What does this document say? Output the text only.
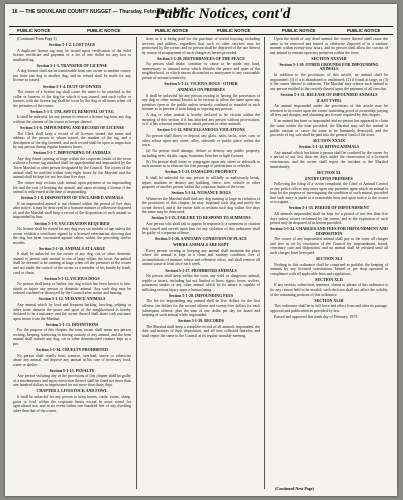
16 — THE SIOUXLAND COUNTY NUGGET — Thursday, February 20, 1975
Public Notices, cont'd
PUBLIC NOTICE	PUBLIC NOTICE	PUBLIC NOTICE	PUBLIC NOTICE	PUBLIC NOTICE	PUBLIC NOTICE

(Continued From Page 5)

Section 5-1-2. LOST TAGS

A duplicate license tag may be issued upon verification of the valid license certificate and payment of a fee of one dollar for any lost or mutilated tag.

Section 5-1-3. TRANSFER OF LICENSE

A dog license shall not be transferable from one owner to another owner, nor from one dog to another dog, and no refund shall be made for any license so issued.

Section 5-1-4. DUTY OF OWNER

The owner of a license tag shall cause the same to be attached to the collar or harness of the dog for which it was issued, and such collar or harness with the license tag shall be worn by the dog at all times when off the premises of the owner.

Section 5-1-5. UNLAWFUL REMOVAL OF TAG

It shall be unlawful for any person to remove a license tag from any dog without the consent of the owner or keeper thereof.

Section 5-1-6. IMPOUNDING AND RECORD OF LICENSE

The Clerk shall keep a record of all licenses issued, the name and address of the person to whom issued, the number of the tag, and a description of the dog licensed, and such record shall be open to inspection by any person during regular business hours.

Section 5-1-7. IMPOUNDING OF ANIMALS

Any dog found running at large within the corporate limits of the town without a license tag attached shall be apprehended and impounded by the Town Marshal or other person designated by the Council. The owner of the animal shall be notified within forty-eight hours by the Marshal and the animal shall be kept for not less than five days.

The owner may reclaim such animal upon payment of an impounding fee and the cost of keeping the animal, and upon securing a license if the animal is unlicensed at the time of impounding.

Section 5-1-8. DISPOSITION OF UNCLAIMED ANIMALS

If an impounded animal is not claimed within the period of five days after notice, it may be destroyed in a humane manner or otherwise disposed of, and the Marshal shall keep a record of the disposition of each animal so impounded by him.

Section 5-1-9. VACCINATION REQUIRED

No license shall be issued for any dog over six months of age unless the owner exhibits a certificate signed by a licensed veterinarian showing that the dog has been vaccinated against rabies within the preceding twelve months.

Section 5-1-10. ANIMALS AT LARGE

It shall be unlawful for the owner of any dog, cat, or other domestic animal to permit such animal to run at large within the town. An animal shall be deemed to be running at large when off the premises of the owner and not under the control of the owner or a member of his family by leash, cord or chain.

Section 5-1-11. VICIOUS DOGS

No person shall keep or harbor any dog which has been known to bite, attack or injure any person or domestic animal. Any such dog may be ordered confined or destroyed by the Council after notice and hearing.

Section 5-1-12. NUISANCE ANIMALS

Any animal which by loud and frequent barking, howling, yelping or other noise disturbs the peace and quiet of the neighborhood is hereby declared to be a nuisance, and the owner thereof shall abate such nuisance upon notice from the Marshal.

Section 5-1-13. DEFINITIONS

For the purpose of this chapter, the term owner shall mean any person owning, keeping, harboring or having custody of any animal, and the term animal shall include any dog, cat or other domesticated creature kept as a pet.

Section 5-1-14. CRUELTY PROHIBITED

No person shall cruelly beat, torment, overload, starve or otherwise abuse any animal, nor deprive any animal in his care of necessary food, water or shelter.

Section 5-1-15. PENALTY

Any person violating any of the provisions of this chapter shall be guilty of a misdemeanor and upon conviction thereof shall be fined not more than one hundred dollars or imprisoned for not more than thirty days.

CHAPTER 2. LIVESTOCK AND FOWL

It shall be unlawful for any person to keep horses, cattle, swine, sheep, goats or fowl within the corporate limits except in areas zoned for agricultural use, and in no event within one hundred feet of any dwelling other than that of the owner.

tions as it is being paid for the purchase of useful housing, including services and utilities, regardless that such or other services may be performed by the owner, and no person shall be deprived of the use thereof by reason of nonpayment of such charges as herein provided.

Section 5-1-20. DISTURBANCES OF THE PEACE

No person shall make, continue or cause to be made any loud, unnecessary or unusual noise which disturbs the peace and quiet of the neighborhood, or which causes discomfort or annoyance to any reasonable person of normal sensitivity.

Section 5-1-21. VICIOUS DOGS - OTHER
ANIMALS ON PREMISES

It shall be unlawful for any person owning or having the possession of any dog or other animal known to be vicious to allow the same upon any premises open to the public unless securely confined or muzzled in such manner as to prevent it from biting or injuring any person.

A dog or other animal is hereby declared to be vicious within the meaning of this section if it has attacked any person without provocation, or if it has a known tendency to attack persons or other animals.

Section 5-1-22. MISCELLANEOUS VIOLATIONS

No person shall throw or deposit any glass, nails, tacks, wire, cans or other refuse upon any street, alley, sidewalk or public place within the town.

(a) No person shall damage, deface or destroy any public property, including trees, shrubs, signs, fountains, benches or light fixtures.

(b) No person shall loiter or congregate upon any street or sidewalk in such manner as to obstruct the free passage of pedestrians or vehicles.

Section 5-1-23. DAMAGING PROPERTY

It shall be unlawful for any person to willfully or maliciously break, injure, mutilate or destroy any building, fence, tree, vehicle or other property of another person within the corporate limits of the town.

Section 5-1-24. NUISANCE DOGS

Whenever the Marshal shall find any dog running at large in violation of the provisions of this chapter, he may impound such dog and notify the owner thereof, and if the owner fails to reclaim such dog within five days the same may be destroyed.

Section 5-1-25. FAILURE TO RESPOND TO SUMMONS

Any person who shall fail to appear in response to a summons or citation duly issued and served upon him for any violation of this ordinance shall be guilty of a separate offense.

Section 5-1-26. SANITARY CONDITION OF PLACE
WHERE ANIMALS ARE KEPT

Every person owning or keeping any animal shall maintain the place where the animal is kept in a clean and sanitary condition, free of accumulations of manure, refuse and offensive odors, and shall remove all animal waste at least once each week.

Section 5-1-27. PROHIBITED ANIMALS

No person shall keep within the town any wild or dangerous animal, reptile or insect, including but not limited to lions, tigers, bears, wolves, poisonous snakes or any other animal which by its nature is capable of inflicting serious injury upon a human being.

Section 5-1-28. IMPOUNDING FEES

The fee for impounding any animal shall be five dollars for the first offense, ten dollars for the second offense and twenty-five dollars for each subsequent offense, plus the sum of one dollar per day for board and keeping of such animal while impounded.

Section 5-1-29. RECORDS

The Marshal shall keep a complete record of all animals impounded, the date and manner of their disposition, and all fees collected therefor, and shall report the same to the Council at its regular monthly meeting.

Upon the death of any dead animal, the owner thereof shall cause the same to be removed and buried or otherwise disposed of in a sanitary manner within twenty-four hours, and no person shall allow the carcass of any animal to remain upon any premises within the town.

SECTION XXXVIII
Section 5-1-30. OTHER GROUNDS FOR IMPOUNDING ANIMALS

In addition to the provisions of this article, an animal shall be impounded: (1) if it is abandoned or unclaimed; (2) if found at large; or (3) if the owner thereof is unknown. The Marshal may release such animal to any person entitled to the custody thereof upon the payment of all fees due.

Section 5-1-31. RELEASE OF IMPOUNDED ANIMALS
(LAST TYPE)

An animal impounded under the provisions of this article may be released to its owner upon the owner furnishing proof of ownership, paying all fees and charges, and obtaining any license required by this chapter.

If an animal has been so impounded and no person has appeared to claim the same within the time provided, the Marshal may sell the animal at public auction or cause the same to be humanely destroyed, and the proceeds of any sale shall be paid into the general fund of the town.

SECTION XXXIX
Section 5-1-32. BITING ANIMALS

Any animal which has bitten a person shall be confined by the owner for a period of not less than ten days under the observation of a licensed veterinarian, and the owner shall report the incident to the Marshal immediately.

SECTION XL
ENTRY UPON PREMISES

Following the filing of a sworn complaint, the Chief of Animal Control or any police officer may enter upon any premises upon which an animal is kept for the purpose of investigating the condition of such animal, provided that such entry is made at a reasonable hour and upon notice to the owner or occupant.

Section 5-1-33. PERIOD OF IMPOUNDMENT

All animals impounded shall be kept for a period of not less than five days unless sooner reclaimed by the owner, and at the expiration of such period may be disposed of as herein provided.

Section 5-1-34. CHARGES AND FEES FOR IMPOUNDMENT AND DISPOSITION

The owner of any impounded animal shall pay to the town all charges and fees as set by resolution of the Council for impoundment, board, veterinary care and disposition, and no animal shall be released until all such charges have been paid.

SECTION XLI

Nothing in this ordinance shall be construed to prohibit the keeping of animals by any licensed veterinarian, kennel or pet shop operated in compliance with all applicable laws and regulations.

SECTION XLII

If any section, subsection, sentence, clause or phrase of this ordinance is for any reason held to be invalid, such decision shall not affect the validity of the remaining portions of this ordinance.

SECTION XLIII

This ordinance shall be in full force and effect from and after its passage, approval and publication as provided by law.

Passed and approved this tenth day of February, 1975.

(Continued Next Page)
